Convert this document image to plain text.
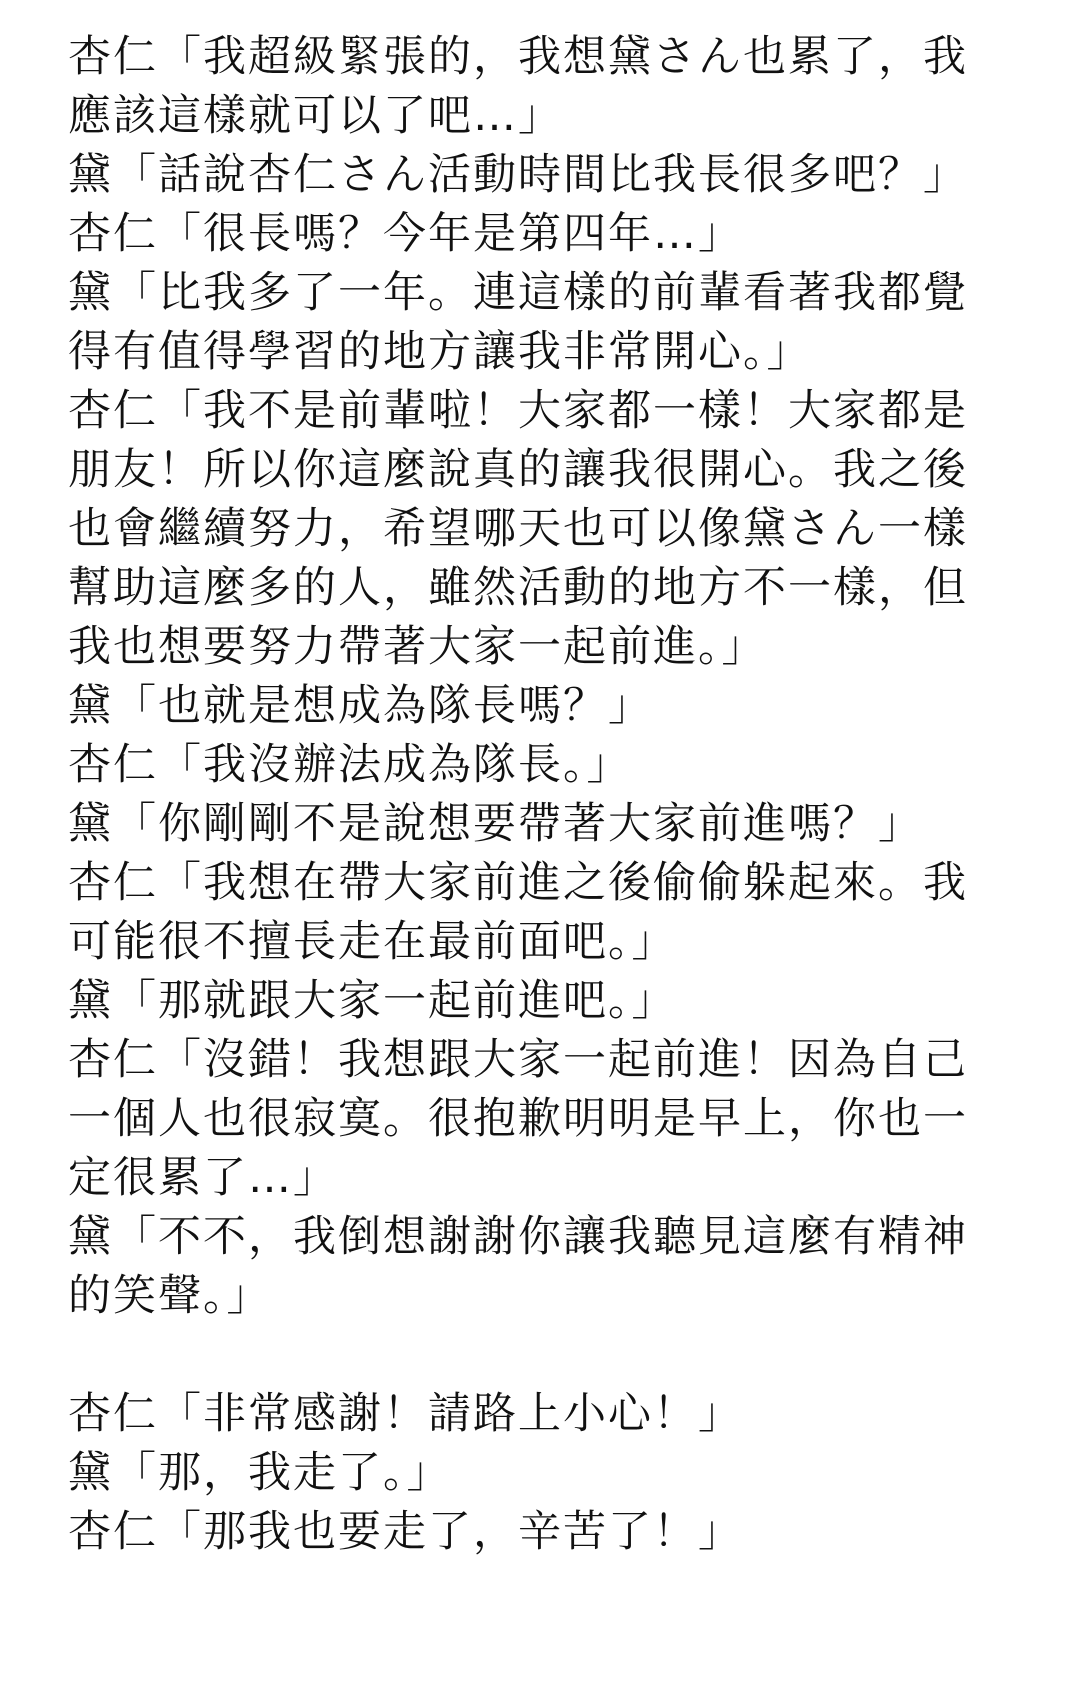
杏仁「我超級緊張的，我想黛さん也累了，我
應該這樣就可以了吧…」
黛「話說杏仁さん活動時間比我長很多吧？」
杏仁「很長嗎？今年是第四年…」
黛「比我多了一年。連這樣的前輩看著我都覺
得有值得學習的地方讓我非常開心。」
杏仁「我不是前輩啦！大家都一樣！大家都是
朋友！所以你這麼說真的讓我很開心。我之後
也會繼續努力，希望哪天也可以像黛さん一樣
幫助這麼多的人，雖然活動的地方不一樣，但
我也想要努力帶著大家一起前進。」
黛「也就是想成為隊長嗎？」
杏仁「我沒辦法成為隊長。」
黛「你剛剛不是說想要帶著大家前進嗎？」
杏仁「我想在帶大家前進之後偷偷躲起來。我
可能很不擅長走在最前面吧。」
黛「那就跟大家一起前進吧。」
杏仁「沒錯！我想跟大家一起前進！因為自己
一個人也很寂寞。很抱歉明明是早上，你也一
定很累了…」
黛「不不，我倒想謝謝你讓我聽見這麼有精神
的笑聲。」
杏仁「非常感謝！請路上小心！」
黛「那，我走了。」
杏仁「那我也要走了，辛苦了！」
